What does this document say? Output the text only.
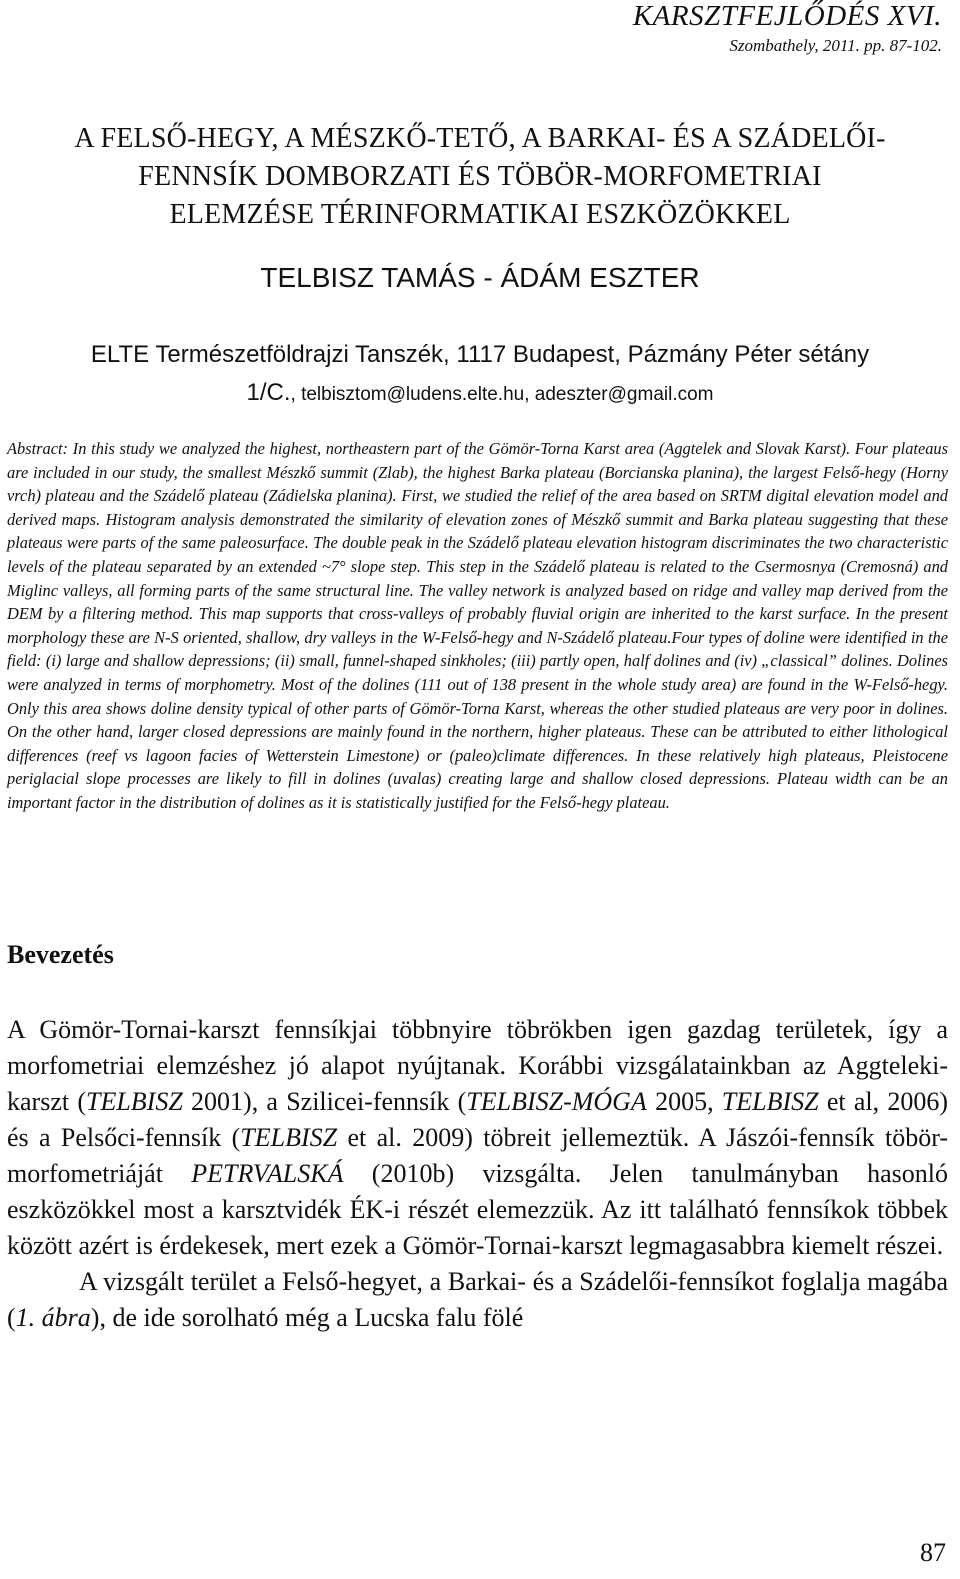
KARSZTFEJLŐDÉS XVI.
Szombathely, 2011. pp. 87-102.
A FELSŐ-HEGY, A MÉSZKŐ-TETŐ, A BARKAI- ÉS A SZÁDELŐI-
FENNSÍK DOMBORZATI ÉS TÖBÖR-MORFOMETRIAI
ELEMZÉSE TÉRINFORMATIKAI ESZKÖZÖKKEL
TELBISZ TAMÁS - ÁDÁM ESZTER
ELTE Természetföldrajzi Tanszék, 1117 Budapest, Pázmány Péter sétány
1/C., telbisztom@ludens.elte.hu, adeszter@gmail.com

Abstract: In this study we analyzed the highest, northeastern part of the Gömör-Torna Karst area (Aggtelek and Slovak Karst). Four plateaus are included in our study, the smallest Mészkő summit (Zlab), the highest Barka plateau (Borcianska planina), the largest Felső-hegy (Horny vrch) plateau and the Szádelő plateau (Zádielska planina). First, we studied the relief of the area based on SRTM digital elevation model and derived maps. Histogram analysis demonstrated the similarity of elevation zones of Mészkő summit and Barka plateau suggesting that these plateaus were parts of the same paleosurface. The double peak in the Szádelő plateau elevation histogram discriminates the two characteristic levels of the plateau separated by an extended ~7° slope step. This step in the Szádelő plateau is related to the Csermosnya (Cremosná) and Miglinc valleys, all forming parts of the same structural line. The valley network is analyzed based on ridge and valley map derived from the DEM by a filtering method. This map supports that cross-valleys of probably fluvial origin are inherited to the karst surface. In the present morphology these are N-S oriented, shallow, dry valleys in the W-Felső-hegy and N-Szádelő plateau.Four types of doline were identified in the field: (i) large and shallow depressions; (ii) small, funnel-shaped sinkholes; (iii) partly open, half dolines and (iv) „classical” dolines. Dolines were analyzed in terms of morphometry. Most of the dolines (111 out of 138 present in the whole study area) are found in the W-Felső-hegy. Only this area shows doline density typical of other parts of Gömör-Torna Karst, whereas the other studied plateaus are very poor in dolines. On the other hand, larger closed depressions are mainly found in the northern, higher plateaus. These can be attributed to either lithological differences (reef vs lagoon facies of Wetterstein Limestone) or (paleo)climate differences. In these relatively high plateaus, Pleistocene periglacial slope processes are likely to fill in dolines (uvalas) creating large and shallow closed depressions. Plateau width can be an important factor in the distribution of dolines as it is statistically justified for the Felső-hegy plateau.

Bevezetés

A Gömör-Tornai-karszt fennsíkjai többnyire töbrökben igen gazdag területek, így a morfometriai elemzéshez jó alapot nyújtanak. Korábbi vizsgálatainkban az Aggteleki-karszt (TELBISZ 2001), a Szilicei-fennsík (TELBISZ-MÓGA 2005, TELBISZ et al, 2006) és a Pelsőci-fennsík (TELBISZ et al. 2009) töbreit jellemeztük. A Jászói-fennsík töbör-morfometriáját PETRVALSKÁ (2010b) vizsgálta. Jelen tanulmányban hasonló eszközökkel most a karsztvidék ÉK-i részét elemezzük. Az itt található fennsíkok többek között azért is érdekesek, mert ezek a Gömör-Tornai-karszt legmagasabbra kiemelt részei.

A vizsgált terület a Felső-hegyet, a Barkai- és a Szádelői-fennsíkot foglalja magába (1. ábra), de ide sorolható még a Lucska falu fölé

87
